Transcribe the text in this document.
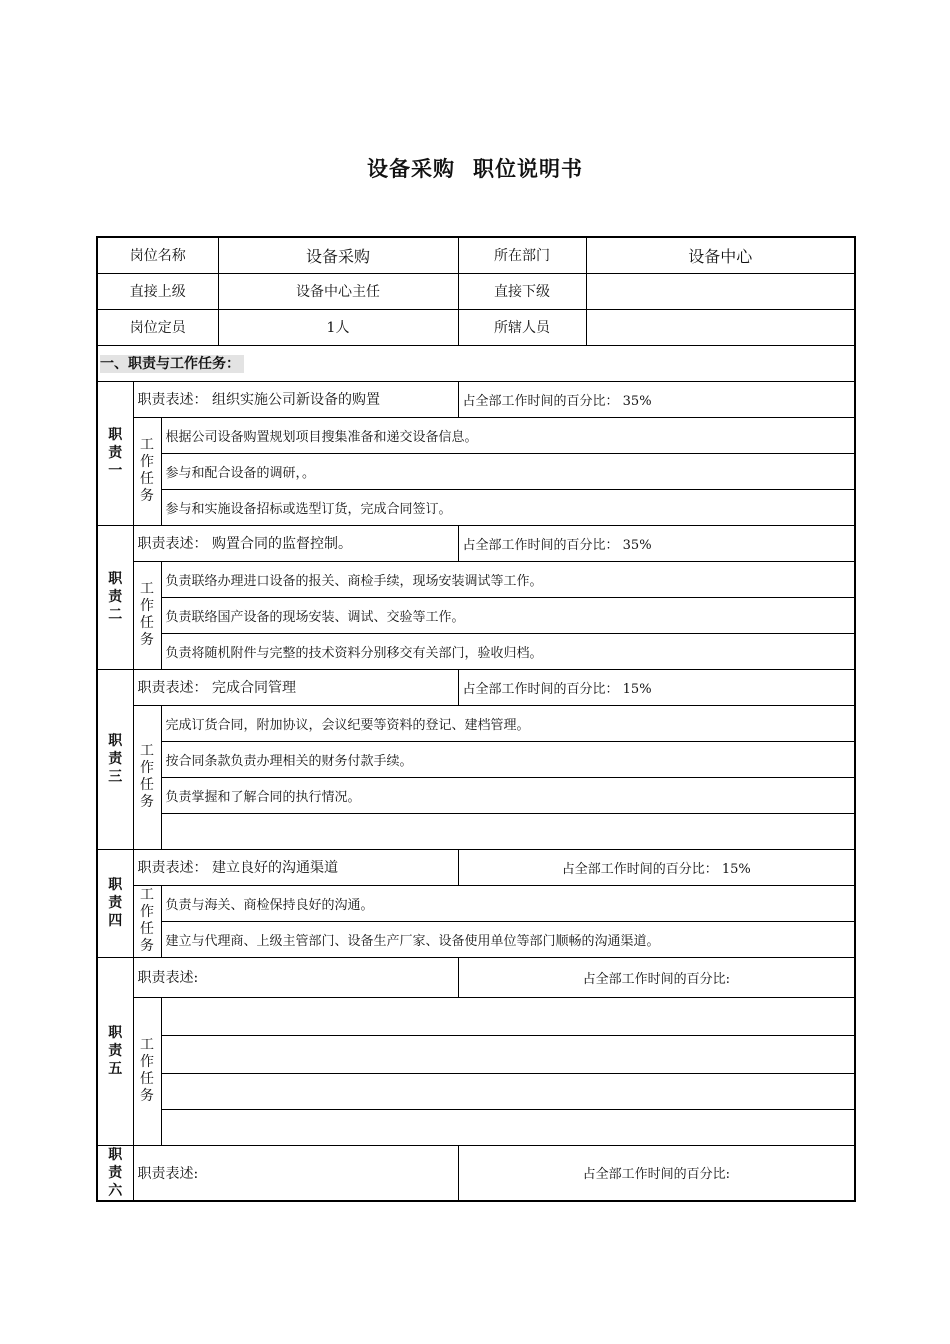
设备采购 职位说明书
岗位名称			设备采购	所在部门	设备中心
直接上级			设备中心主任	直接下级	
岗位定员			1人	所辖人员	
一、职责与工作任务：					

职
责
一	职责表述： 组织实施公司新设备的购置			占全部工作时间的百分比： 35%	

	工
作
任
务	根据公司设备购置规划项目搜集准备和递交设备信息。			
		参与和配合设备的调研，。			
		参与和实施设备招标或选型订货，完成合同签订。			

职
责
二	职责表述： 购置合同的监督控制。			占全部工作时间的百分比： 35%	

	工
作
任
务	负责联络办理进口设备的报关、商检手续，现场安装调试等工作。			
		负责联络国产设备的现场安装、调试、交验等工作。			
		负责将随机附件与完整的技术资料分别移交有关部门，验收归档。			

职
责
三	职责表述： 完成合同管理			占全部工作时间的百分比： 15%	

	工
作
任
务	完成订货合同，附加协议，会议纪要等资料的登记、建档管理。			
		按合同条款负责办理相关的财务付款手续。			
		负责掌握和了解合同的执行情况。			

职
责
四	职责表述： 建立良好的沟通渠道			占全部工作时间的百分比： 15%	

	工
作
任
务	负责与海关、商检保持良好的沟通。			
		建立与代理商、上级主管部门、设备生产厂家、设备使用单位等部门顺畅的沟通渠道。			

职
责
五	职责表述:			占全部工作时间的百分比:	

	工
作
任
务				

职
责
六	职责表述:			占全部工作时间的百分比:	
